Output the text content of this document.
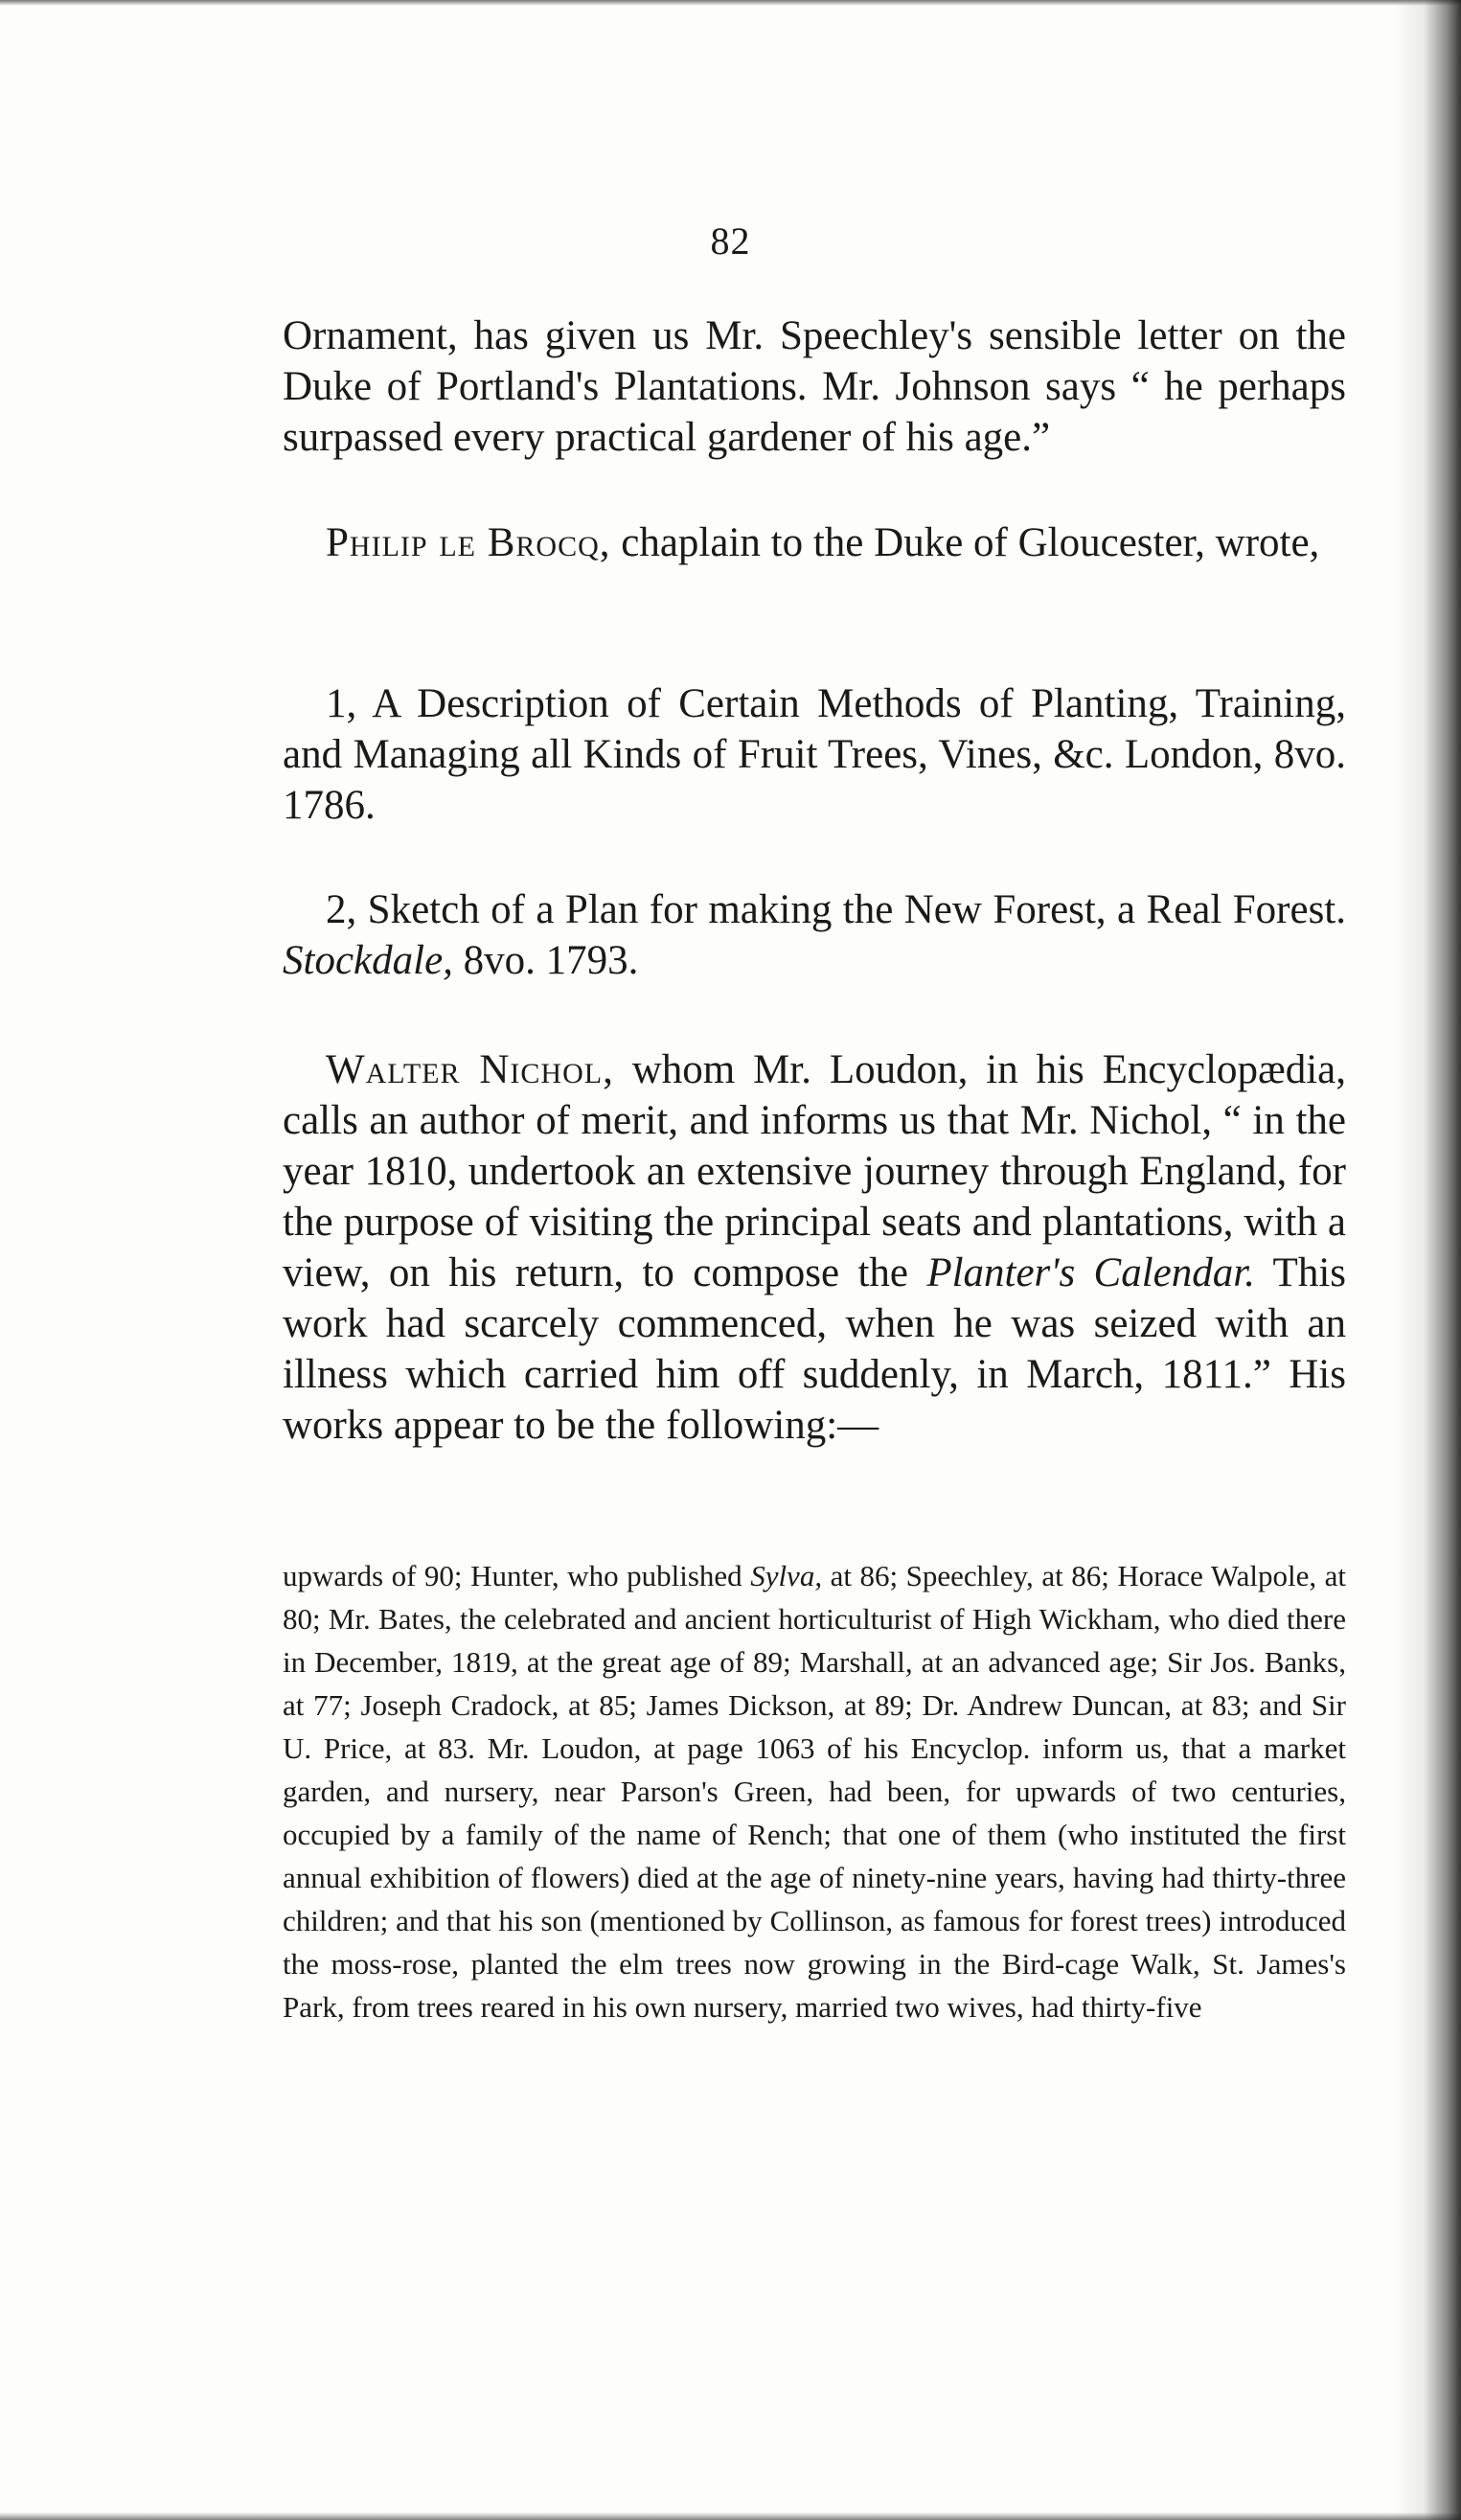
82

Ornament, has given us Mr. Speechley's sensible letter on the Duke of Portland's Plantations. Mr. Johnson says “ he perhaps surpassed every practical gardener of his age.”

Philip le Brocq, chaplain to the Duke of Gloucester, wrote,

1, A Description of Certain Methods of Planting, Training, and Managing all Kinds of Fruit Trees, Vines, &c. London, 8vo. 1786.

2, Sketch of a Plan for making the New Forest, a Real Forest. Stockdale, 8vo. 1793.

Walter Nichol, whom Mr. Loudon, in his Encyclopædia, calls an author of merit, and informs us that Mr. Nichol, “ in the year 1810, undertook an extensive journey through England, for the purpose of visiting the principal seats and plantations, with a view, on his return, to compose the Planter's Calendar. This work had scarcely commenced, when he was seized with an illness which carried him off suddenly, in March, 1811.” His works appear to be the following:—

upwards of 90; Hunter, who published Sylva, at 86; Speechley, at 86; Horace Walpole, at 80; Mr. Bates, the celebrated and ancient horticulturist of High Wickham, who died there in December, 1819, at the great age of 89; Marshall, at an advanced age; Sir Jos. Banks, at 77; Joseph Cradock, at 85; James Dickson, at 89; Dr. Andrew Duncan, at 83; and Sir U. Price, at 83. Mr. Loudon, at page 1063 of his Encyclop. inform us, that a market garden, and nursery, near Parson's Green, had been, for upwards of two centuries, occupied by a family of the name of Rench; that one of them (who instituted the first annual exhibition of flowers) died at the age of ninety-nine years, having had thirty-three children; and that his son (mentioned by Collinson, as famous for forest trees) introduced the moss-rose, planted the elm trees now growing in the Bird-cage Walk, St. James's Park, from trees reared in his own nursery, married two wives, had thirty-five
